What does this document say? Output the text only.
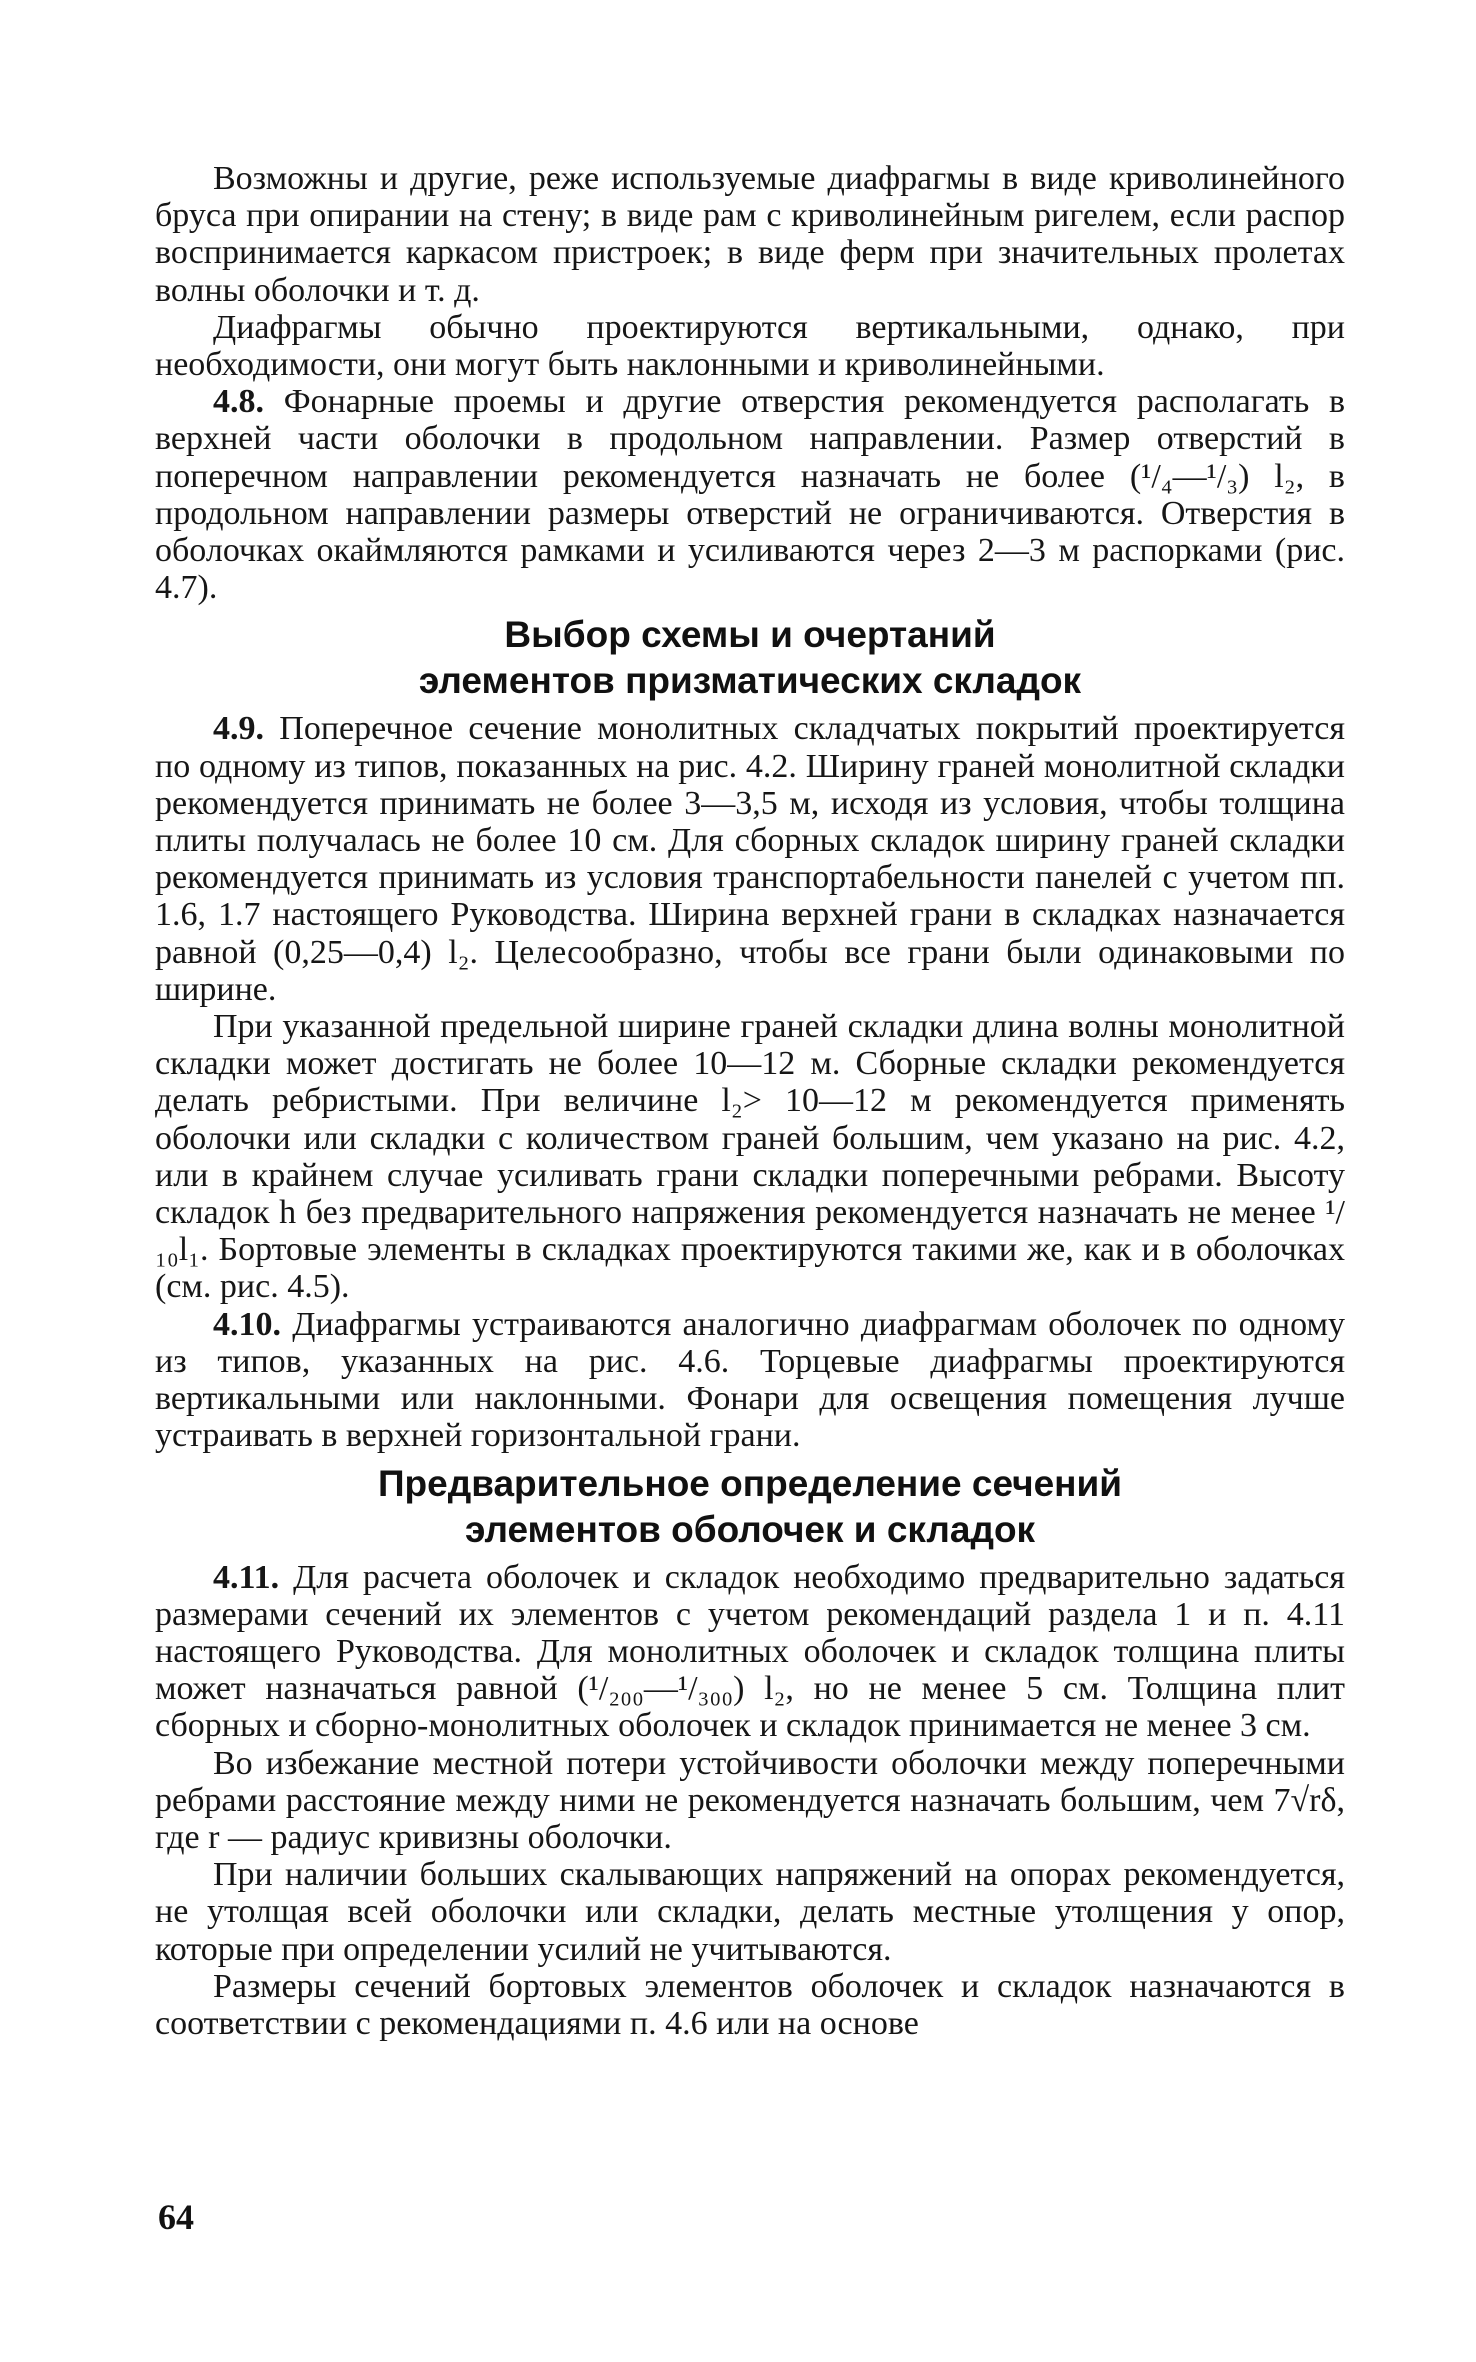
Возможны и другие, реже используемые диафрагмы в виде криволинейного бруса при опирании на стену; в виде рам с криволинейным ригелем, если распор воспринимается каркасом пристроек; в виде ферм при значительных пролетах волны оболочки и т. д.

Диафрагмы обычно проектируются вертикальными, однако, при необходимости, они могут быть наклонными и криволинейными.

4.8. Фонарные проемы и другие отверстия рекомендуется располагать в верхней части оболочки в продольном направлении. Размер отверстий в поперечном направлении рекомендуется назначать не более (¹/₄—¹/₃) l₂, в продольном направлении размеры отверстий не ограничиваются. Отверстия в оболочках окаймляются рамками и усиливаются через 2—3 м распорками (рис. 4.7).

Выбор схемы и очертаний
элементов призматических складок

4.9. Поперечное сечение монолитных складчатых покрытий проектируется по одному из типов, показанных на рис. 4.2. Ширину граней монолитной складки рекомендуется принимать не более 3—3,5 м, исходя из условия, чтобы толщина плиты получалась не более 10 см. Для сборных складок ширину граней складки рекомендуется принимать из условия транспортабельности панелей с учетом пп. 1.6, 1.7 настоящего Руководства. Ширина верхней грани в складках назначается равной (0,25—0,4) l₂. Целесообразно, чтобы все грани были одинаковыми по ширине.

При указанной предельной ширине граней складки длина волны монолитной складки может достигать не более 10—12 м. Сборные складки рекомендуется делать ребристыми. При величине l₂> 10—12 м рекомендуется применять оболочки или складки с количеством граней большим, чем указано на рис. 4.2, или в крайнем случае усиливать грани складки поперечными ребрами. Высоту складок h без предварительного напряжения рекомендуется назначать не менее ¹/₁₀l₁. Бортовые элементы в складках проектируются такими же, как и в оболочках (см. рис. 4.5).

4.10. Диафрагмы устраиваются аналогично диафрагмам оболочек по одному из типов, указанных на рис. 4.6. Торцевые диафрагмы проектируются вертикальными или наклонными. Фонари для освещения помещения лучше устраивать в верхней горизонтальной грани.

Предварительное определение сечений
элементов оболочек и складок

4.11. Для расчета оболочек и складок необходимо предварительно задаться размерами сечений их элементов с учетом рекомендаций раздела 1 и п. 4.11 настоящего Руководства. Для монолитных оболочек и складок толщина плиты может назначаться равной (¹/₂₀₀—¹/₃₀₀) l₂, но не менее 5 см. Толщина плит сборных и сборно-монолитных оболочек и складок принимается не менее 3 см.

Во избежание местной потери устойчивости оболочки между поперечными ребрами расстояние между ними не рекомендуется назначать большим, чем 7√rδ, где r — радиус кривизны оболочки.

При наличии больших скалывающих напряжений на опорах рекомендуется, не утолщая всей оболочки или складки, делать местные утолщения у опор, которые при определении усилий не учитываются.

Размеры сечений бортовых элементов оболочек и складок назначаются в соответствии с рекомендациями п. 4.6 или на основе

64
